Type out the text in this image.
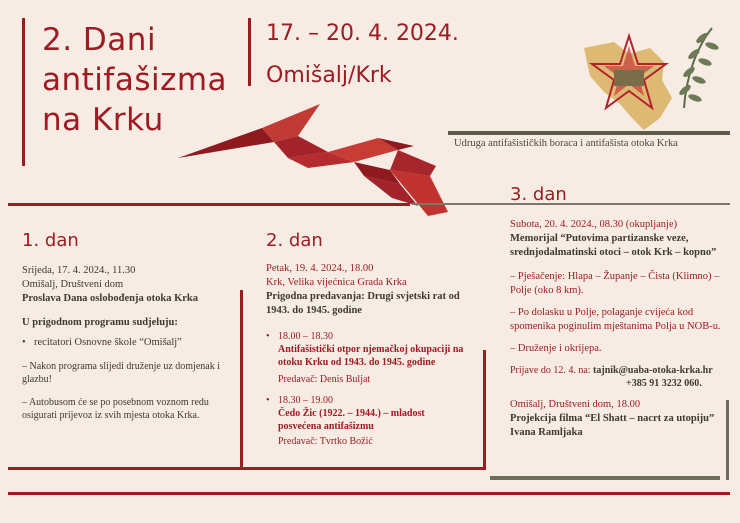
2. Dani
antifašizma
na Krku
17. – 20. 4. 2024.
Omišalj/Krk
Udruga antifašističkih boraca i antifašista otoka Krka
1. dan
Srijeda, 17. 4. 2024., 11.30
Omišalj, Društveni dom
Proslava Dana oslobođenja otoka Krka
U prigodnom programu sudjeluju:
• recitatori Osnovne škole “Omišalj”
– Nakon programa slijedi druženje uz domjenak i glazbu!
– Autobusom će se po posebnom voznom redu osigurati prijevoz iz svih mjesta otoka Krka.
2. dan
Petak, 19. 4. 2024., 18.00
Krk, Velika vijećnica Grada Krka
Prigodna predavanja: Drugi svjetski rat od 1943. do 1945. godine
• 18.00 – 18.30
Antifašistički otpor njemačkoj okupaciji na otoku Krku od 1943. do 1945. godine
Predavač: Denis Buljat
• 18.30 – 19.00
Čedo Žic (1922. – 1944.) – mladost posvećena antifašizmu
Predavač: Tvrtko Božić
3. dan
Subota, 20. 4. 2024., 08.30 (okupljanje)
Memorijal “Putovima partizanske veze, srednjodalmatinski otoci – otok Krk – kopno”
– Pješačenje: Hlapa – Županje – Čista (Klimno) – Polje (oko 8 km).
– Po dolasku u Polje, polaganje cvijeća kod spomenika poginulim mještanima Polja u NOB-u.
– Druženje i okrijepa.
Prijave do 12. 4. na: tajnik@uaba-otoka-krka.hr
+385 91 3232 060.
Omišalj, Društveni dom, 18.00
Projekcija filma “El Shatt – nacrt za utopiju” Ivana Ramljaka
